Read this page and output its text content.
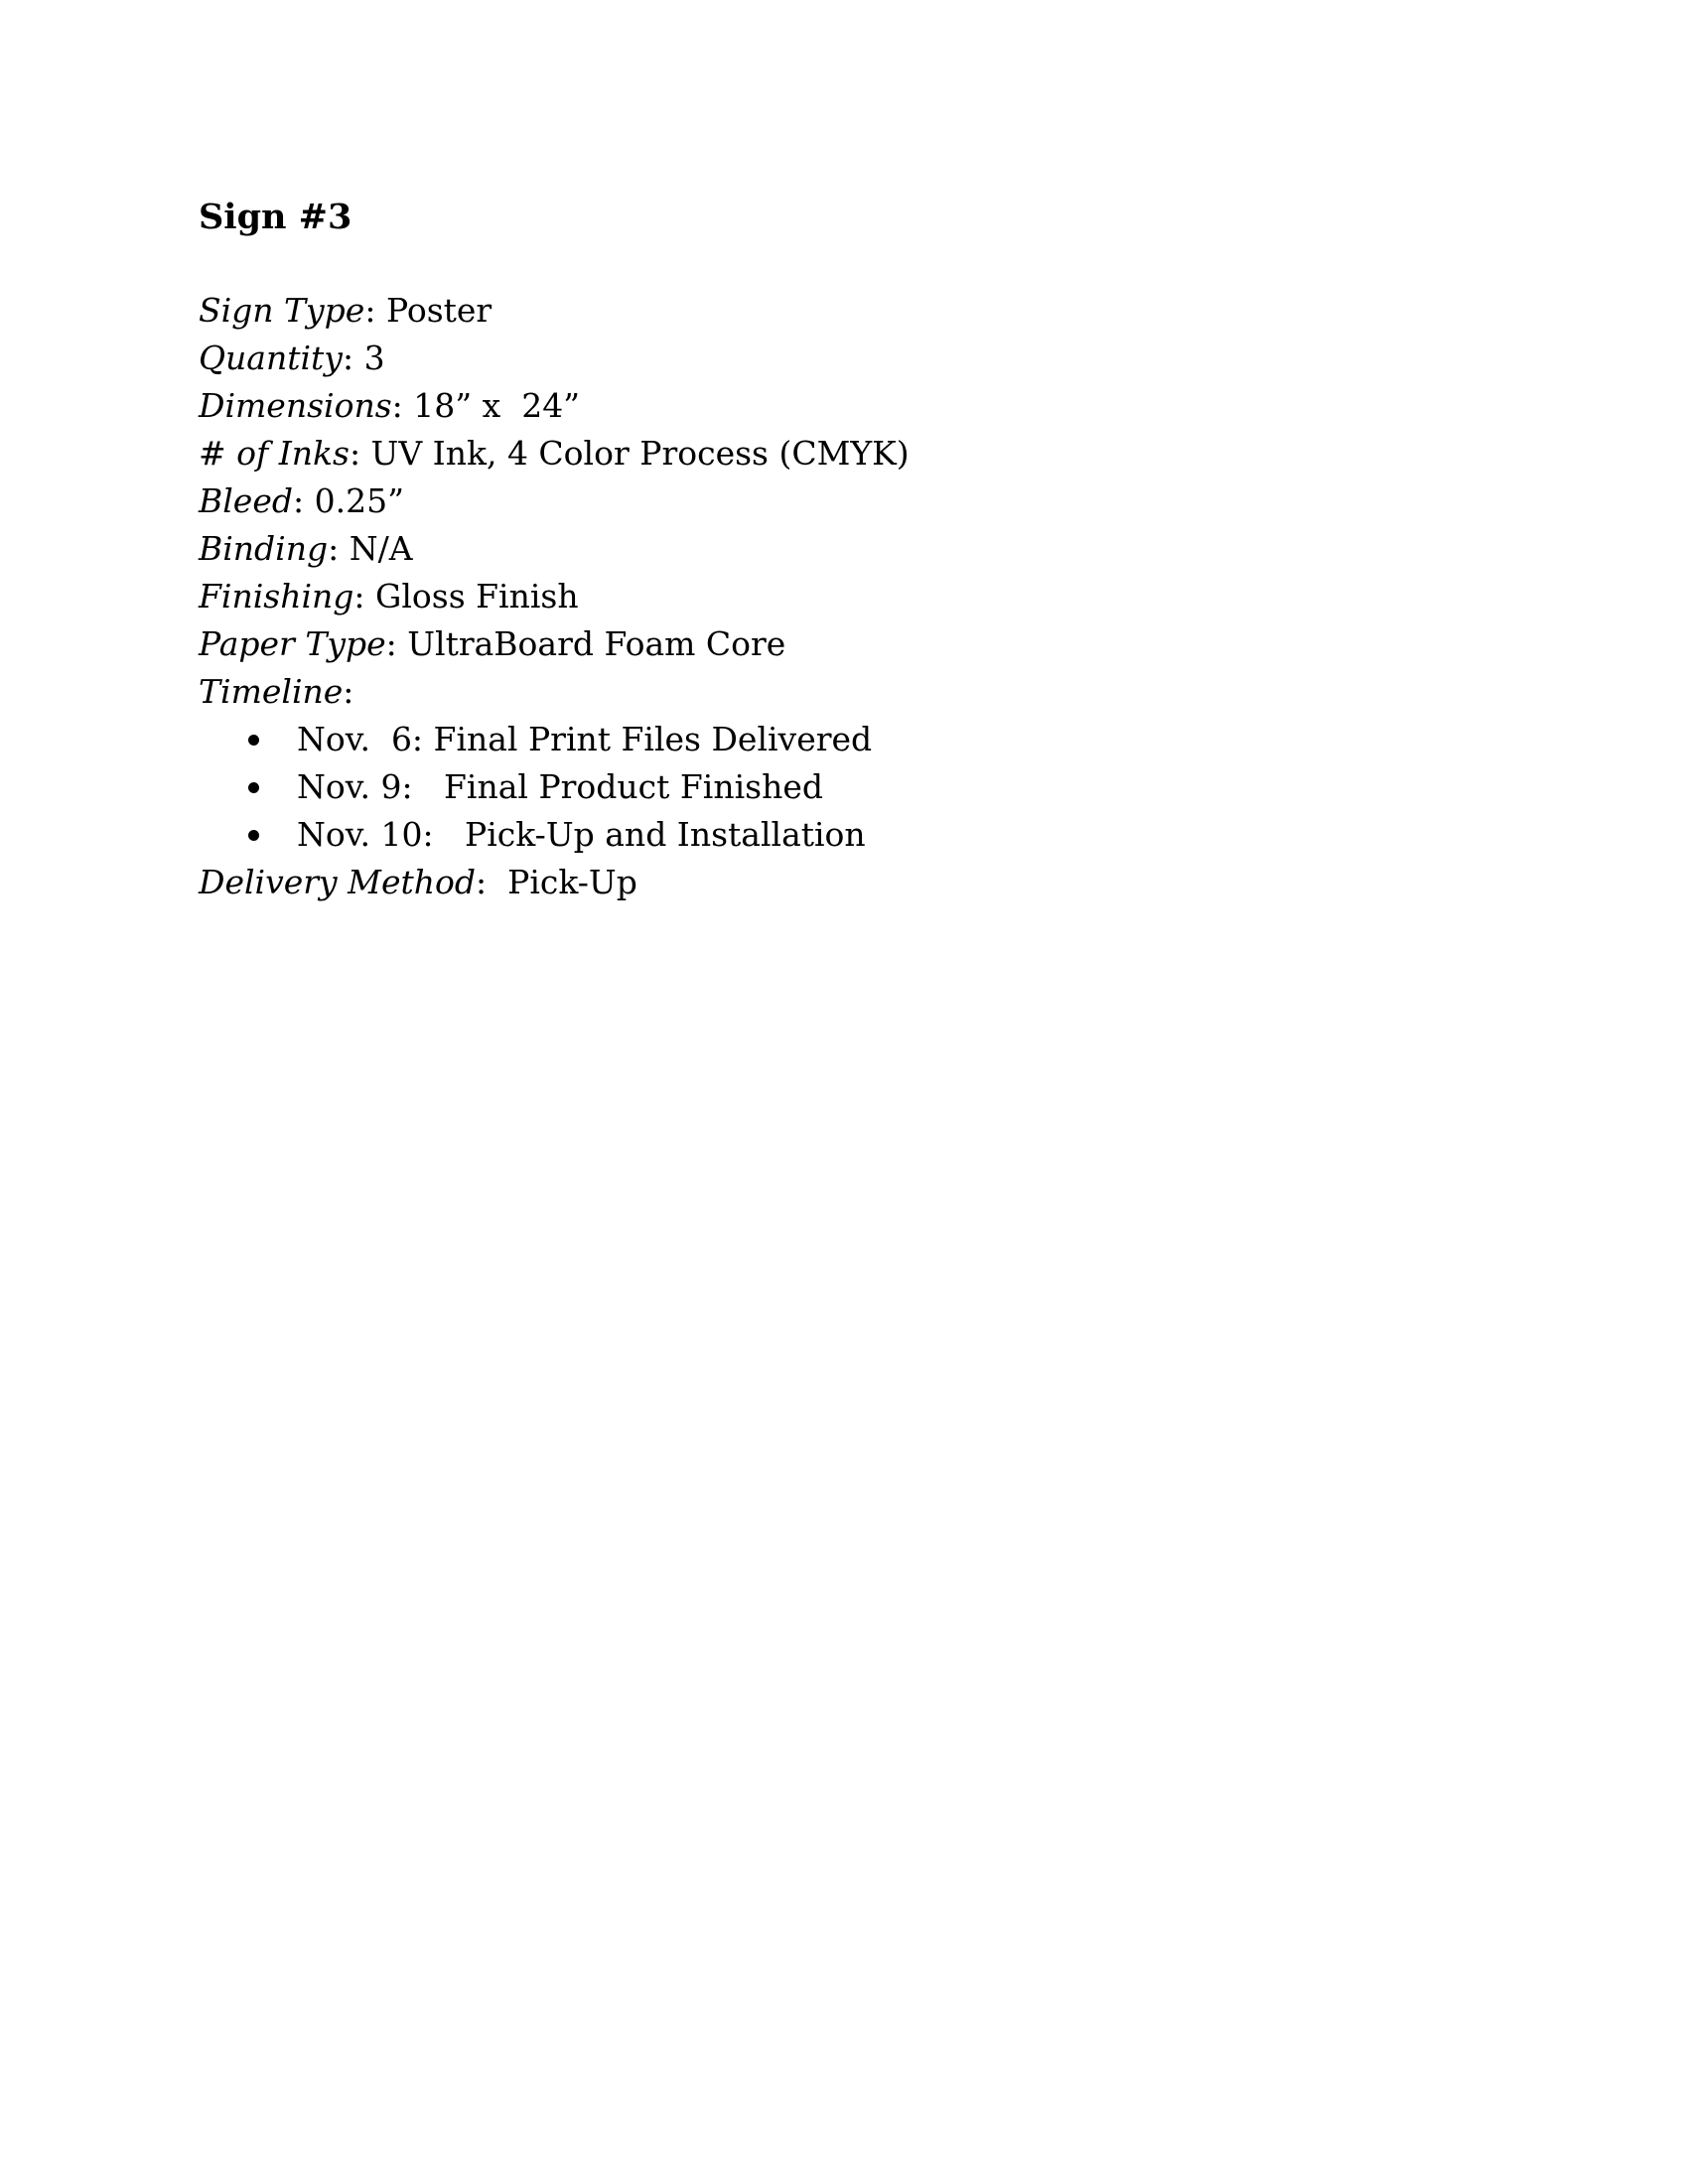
Sign #3
Sign Type: Poster
Quantity: 3
Dimensions: 18” x  24”
# of Inks: UV Ink, 4 Color Process (CMYK)
Bleed: 0.25”
Binding: N/A
Finishing: Gloss Finish
Paper Type: UltraBoard Foam Core
Timeline:
Nov.  6: Final Print Files Delivered
Nov. 9:   Final Product Finished
Nov. 10:   Pick-Up and Installation
Delivery Method:  Pick-Up
